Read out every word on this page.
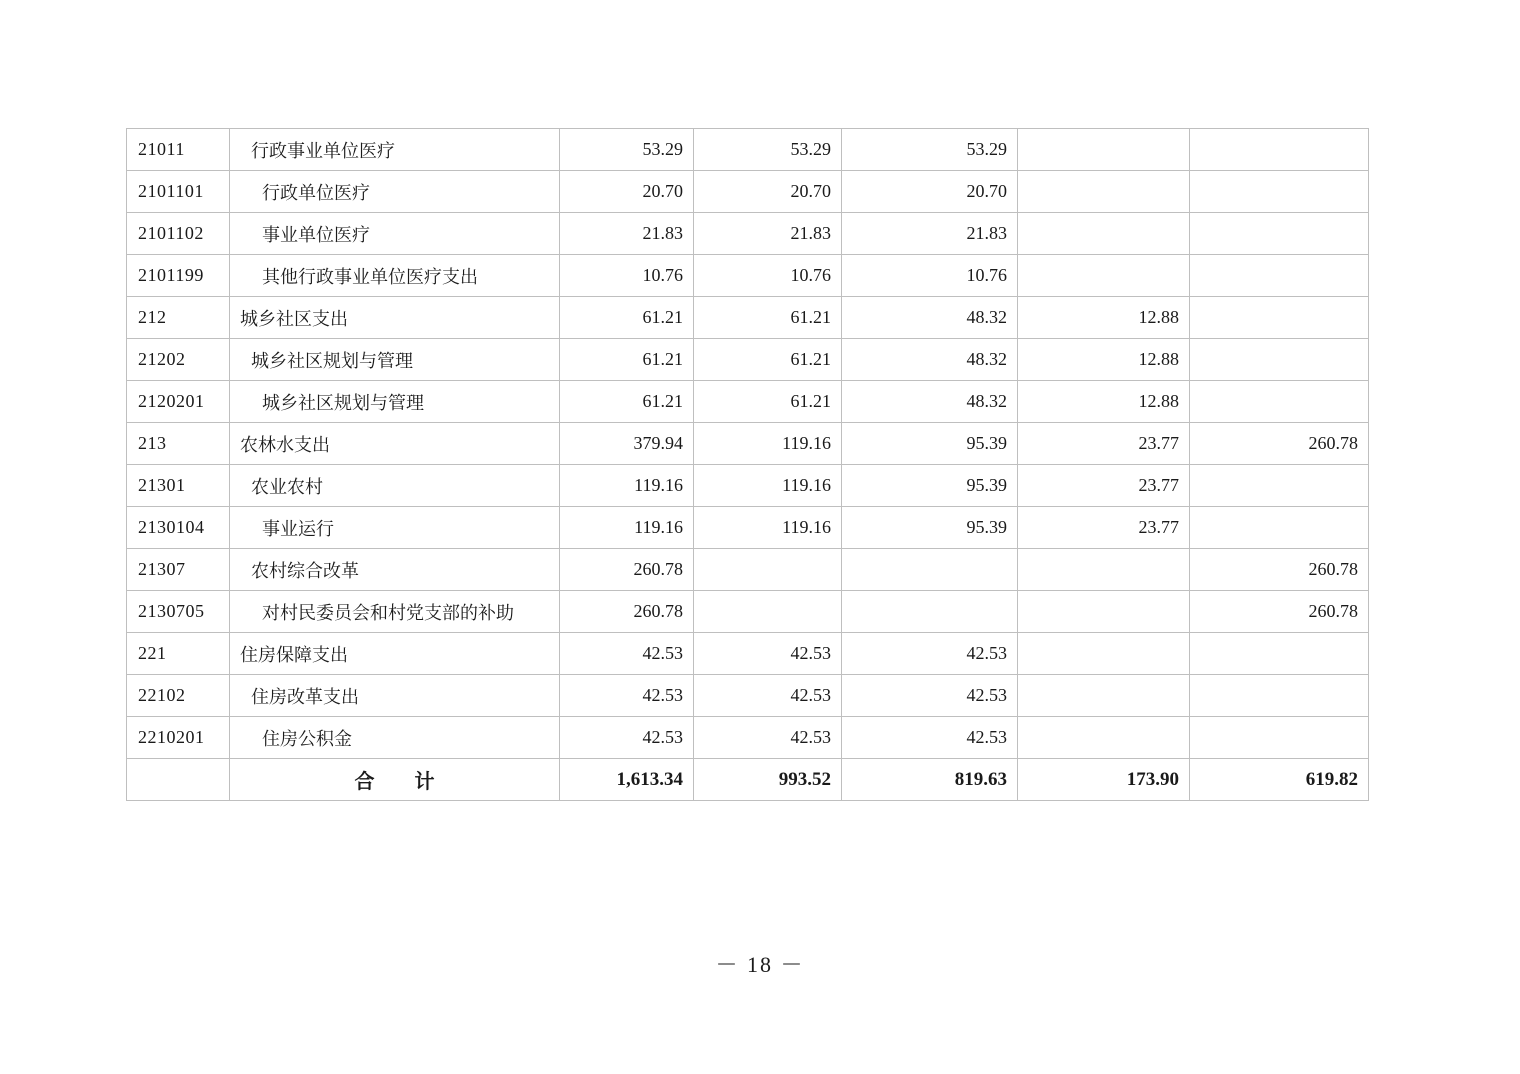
21011	行政事业单位医疗	53.29	53.29	53.29		
2101101	行政单位医疗	20.70	20.70	20.70		
2101102	事业单位医疗	21.83	21.83	21.83		
2101199	其他行政事业单位医疗支出	10.76	10.76	10.76		
212	城乡社区支出	61.21	61.21	48.32	12.88	
21202	城乡社区规划与管理	61.21	61.21	48.32	12.88	
2120201	城乡社区规划与管理	61.21	61.21	48.32	12.88	
213	农林水支出	379.94	119.16	95.39	23.77	260.78
21301	农业农村	119.16	119.16	95.39	23.77	
2130104	事业运行	119.16	119.16	95.39	23.77	
21307	农村综合改革	260.78				260.78
2130705	对村民委员会和村党支部的补助	260.78				260.78
221	住房保障支出	42.53	42.53	42.53		
22102	住房改革支出	42.53	42.53	42.53		
2210201	住房公积金	42.53	42.53	42.53		
	合　　计	1,613.34	993.52	819.63	173.90	619.82
－ 18 －
